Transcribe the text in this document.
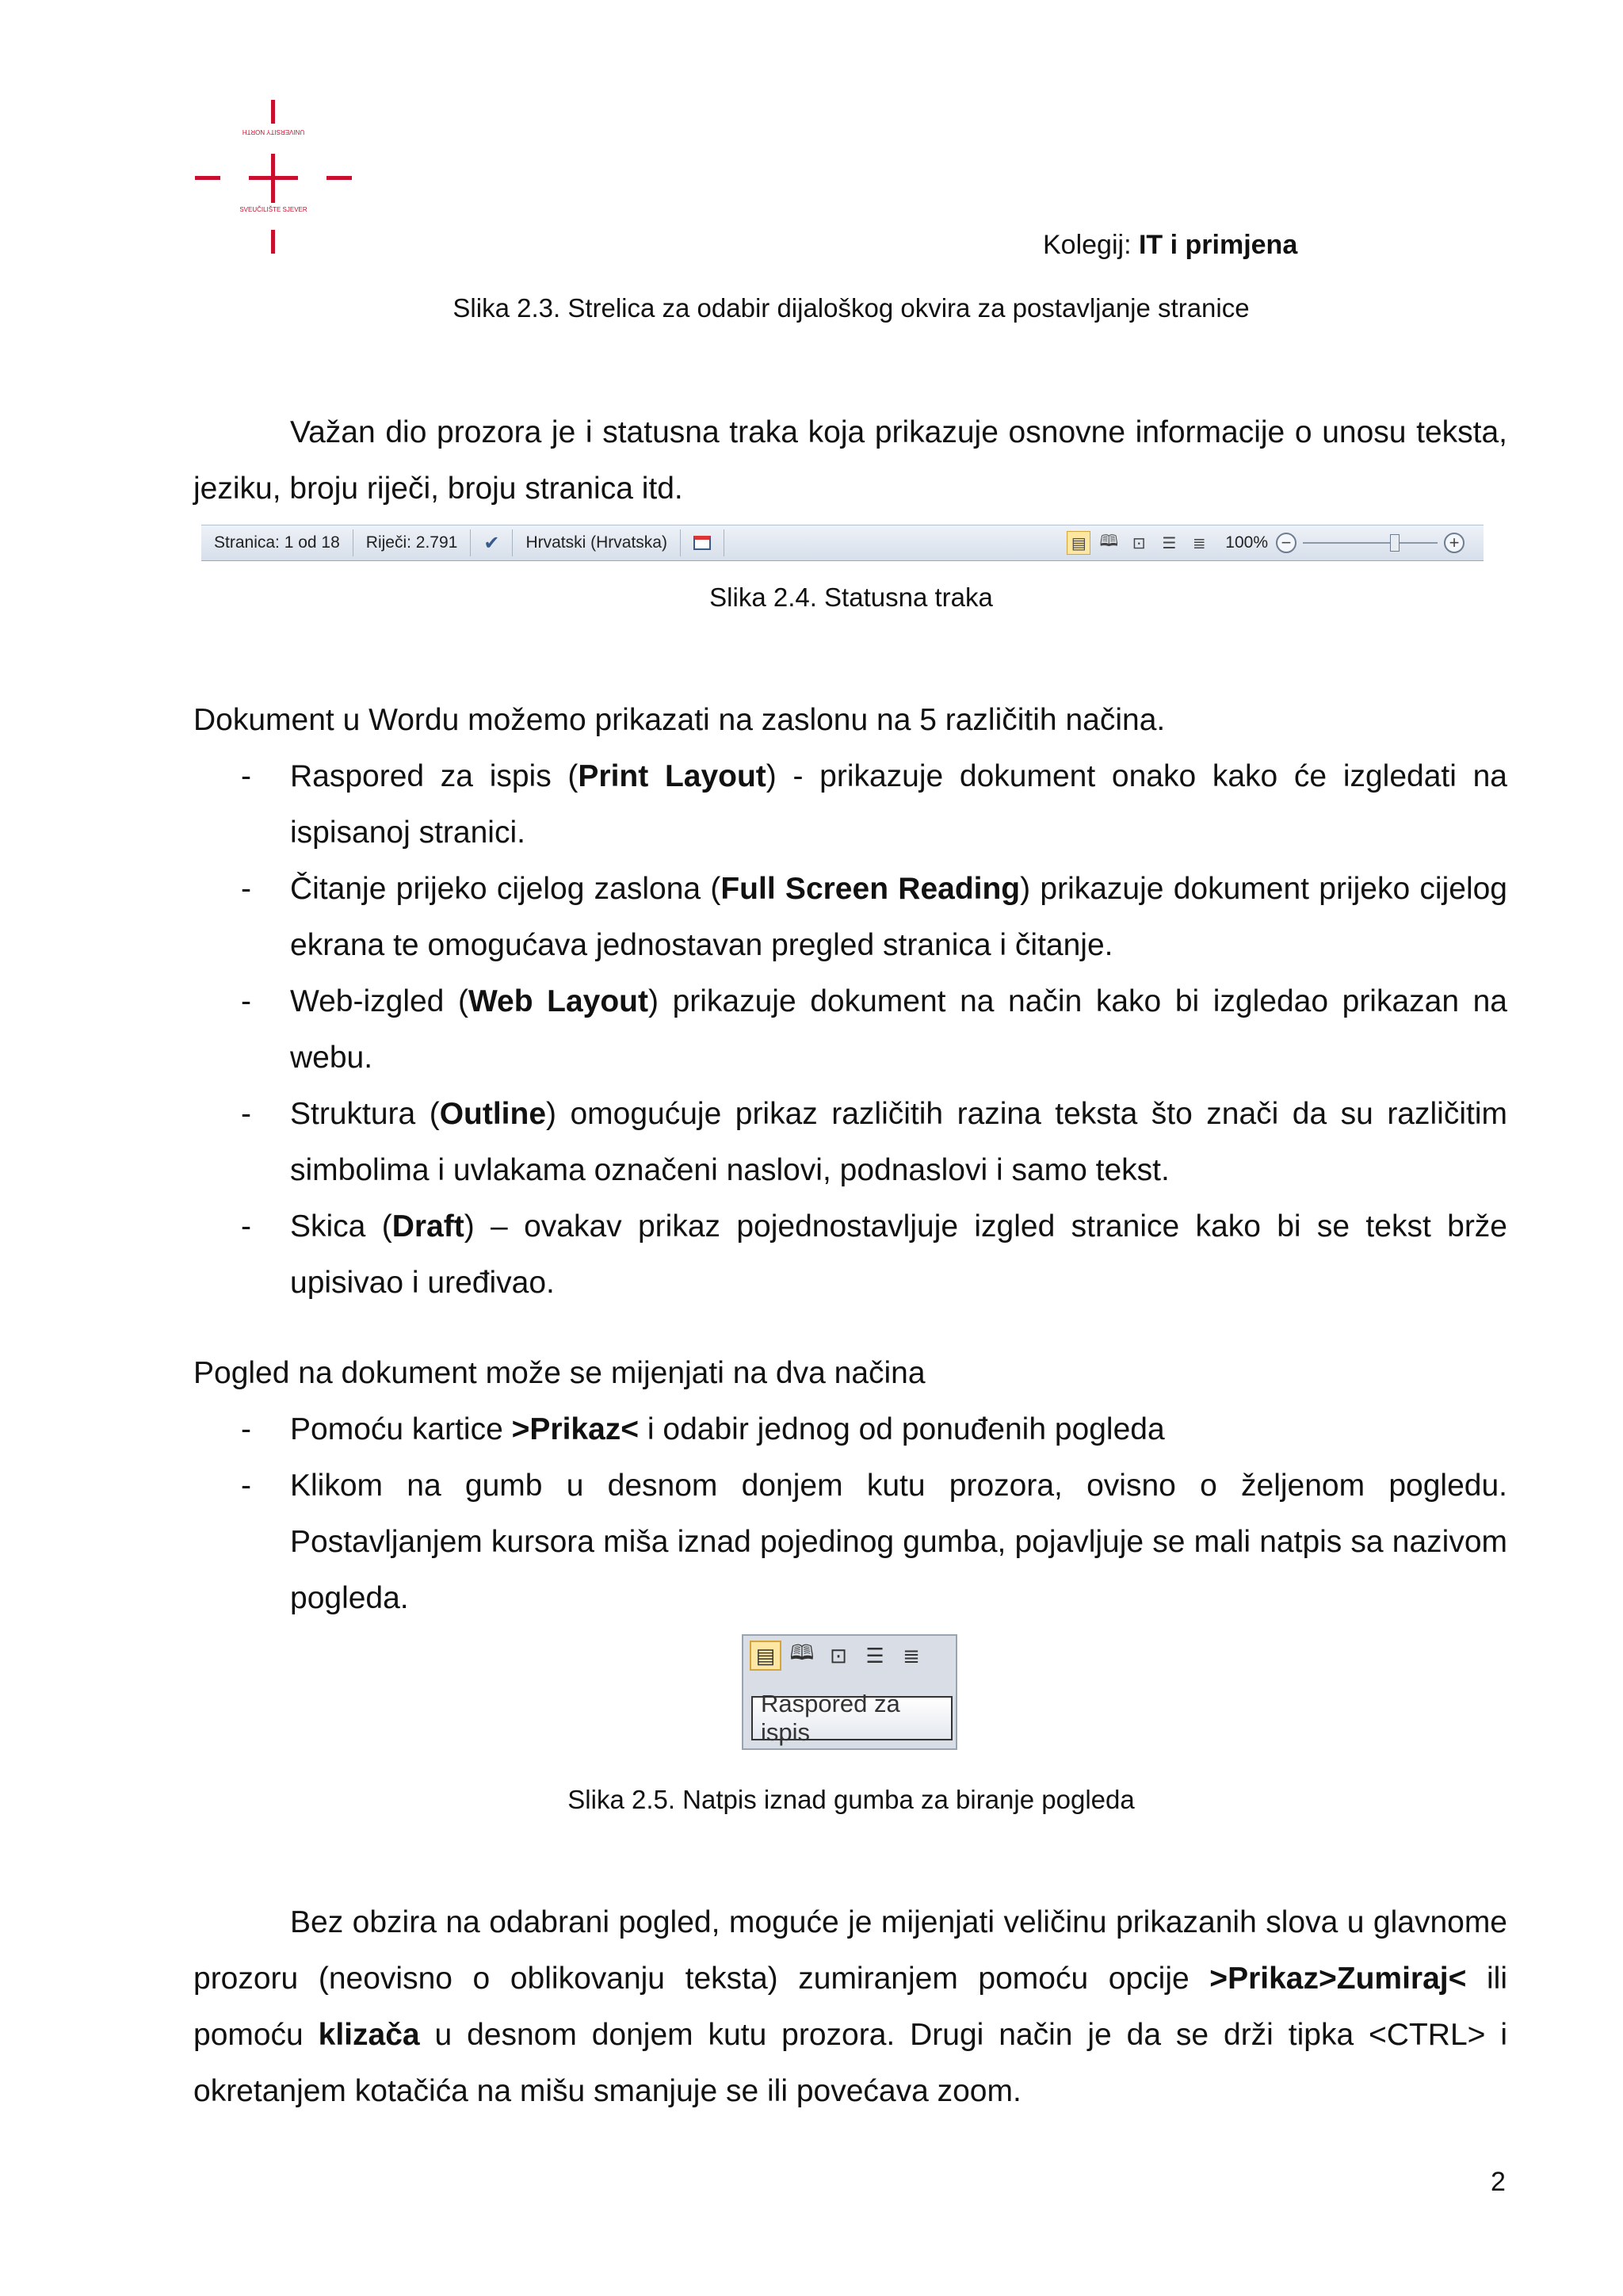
UNIVERSITY NORTH
SVEUČILIŠTE SJEVER
Kolegij: IT i primjena
Slika 2.3. Strelica za odabir dijaloškog okvira za postavljanje stranice
Važan dio prozora je i statusna traka koja prikazuje osnovne informacije o unosu teksta, jeziku, broju riječi, broju stranica itd.
Stranica: 1 od 18	Riječi: 2.791	✔	Hrvatski (Hrvatska)	▤ 🕮 ⊡	☰	≣	100% −	+
Slika 2.4. Statusna traka
Dokument u Wordu možemo prikazati na zaslonu na 5 različitih načina.
- Raspored za ispis (Print Layout) - prikazuje dokument onako kako će izgledati na ispisanoj stranici.
- Čitanje prijeko cijelog zaslona (Full Screen Reading) prikazuje dokument prijeko cijelog ekrana te omogućava jednostavan pregled stranica i čitanje.
- Web-izgled (Web Layout) prikazuje dokument na način kako bi izgledao prikazan na webu.
- Struktura (Outline) omogućuje prikaz različitih razina teksta što znači da su različitim simbolima i uvlakama označeni naslovi, podnaslovi i samo tekst.
- Skica (Draft) – ovakav prikaz pojednostavljuje izgled stranice kako bi se tekst brže upisivao i uređivao.
Pogled na dokument može se mijenjati na dva načina
- Pomoću kartice >Prikaz< i odabir jednog od ponuđenih pogleda
- Klikom na gumb u desnom donjem kutu prozora, ovisno o željenom pogledu. Postavljanjem kursora miša iznad pojedinog gumba, pojavljuje se mali natpis sa nazivom pogleda.
▤ 🕮 ⊡ ☰ ≣
Raspored za ispis
Slika 2.5. Natpis iznad gumba za biranje pogleda
Bez obzira na odabrani pogled, moguće je mijenjati veličinu prikazanih slova u glavnome prozoru (neovisno o oblikovanju teksta) zumiranjem pomoću opcije >Prikaz>Zumiraj< ili pomoću klizača u desnom donjem kutu prozora. Drugi način je da se drži tipka <CTRL> i okretanjem kotačića na mišu smanjuje se ili povećava zoom.
2
